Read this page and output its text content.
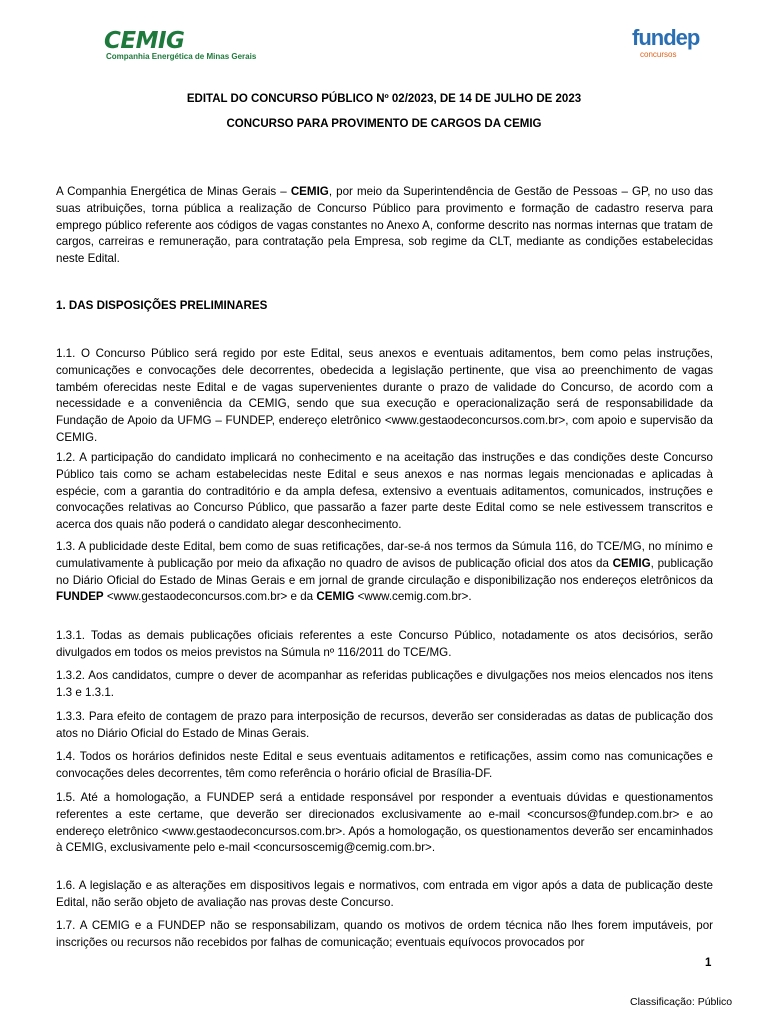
CEMIG
Companhia Energética de Minas Gerais
fundep
concursos
EDITAL DO CONCURSO PÚBLICO Nº 02/2023, DE 14 DE JULHO DE 2023
CONCURSO PARA PROVIMENTO DE CARGOS DA CEMIG

A Companhia Energética de Minas Gerais – CEMIG, por meio da Superintendência de Gestão de Pessoas – GP, no uso das suas atribuições, torna pública a realização de Concurso Público para provimento e formação de cadastro reserva para emprego público referente aos códigos de vagas constantes no Anexo A, conforme descrito nas normas internas que tratam de cargos, carreiras e remuneração, para contratação pela Empresa, sob regime da CLT, mediante as condições estabelecidas neste Edital.

1. DAS DISPOSIÇÕES PRELIMINARES

1.1. O Concurso Público será regido por este Edital, seus anexos e eventuais aditamentos, bem como pelas instruções, comunicações e convocações dele decorrentes, obedecida a legislação pertinente, que visa ao preenchimento de vagas também oferecidas neste Edital e de vagas supervenientes durante o prazo de validade do Concurso, de acordo com a necessidade e a conveniência da CEMIG, sendo que sua execução e operacionalização será de responsabilidade da Fundação de Apoio da UFMG – FUNDEP, endereço eletrônico <www.gestaodeconcursos.com.br>, com apoio e supervisão da CEMIG.

1.2. A participação do candidato implicará no conhecimento e na aceitação das instruções e das condições deste Concurso Público tais como se acham estabelecidas neste Edital e seus anexos e nas normas legais mencionadas e aplicadas à espécie, com a garantia do contraditório e da ampla defesa, extensivo a eventuais aditamentos, comunicados, instruções e convocações relativas ao Concurso Público, que passarão a fazer parte deste Edital como se nele estivessem transcritos e acerca dos quais não poderá o candidato alegar desconhecimento.

1.3. A publicidade deste Edital, bem como de suas retificações, dar-se-á nos termos da Súmula 116, do TCE/MG, no mínimo e cumulativamente à publicação por meio da afixação no quadro de avisos de publicação oficial dos atos da CEMIG, publicação no Diário Oficial do Estado de Minas Gerais e em jornal de grande circulação e disponibilização nos endereços eletrônicos da FUNDEP <www.gestaodeconcursos.com.br> e da CEMIG <www.cemig.com.br>.

1.3.1. Todas as demais publicações oficiais referentes a este Concurso Público, notadamente os atos decisórios, serão divulgados em todos os meios previstos na Súmula nº 116/2011 do TCE/MG.

1.3.2. Aos candidatos, cumpre o dever de acompanhar as referidas publicações e divulgações nos meios elencados nos itens 1.3 e 1.3.1.

1.3.3. Para efeito de contagem de prazo para interposição de recursos, deverão ser consideradas as datas de publicação dos atos no Diário Oficial do Estado de Minas Gerais.

1.4. Todos os horários definidos neste Edital e seus eventuais aditamentos e retificações, assim como nas comunicações e convocações deles decorrentes, têm como referência o horário oficial de Brasília-DF.

1.5. Até a homologação, a FUNDEP será a entidade responsável por responder a eventuais dúvidas e questionamentos referentes a este certame, que deverão ser direcionados exclusivamente ao e-mail <concursos@fundep.com.br> e ao endereço eletrônico <www.gestaodeconcursos.com.br>. Após a homologação, os questionamentos deverão ser encaminhados à CEMIG, exclusivamente pelo e-mail <concursoscemig@cemig.com.br>.

1.6. A legislação e as alterações em dispositivos legais e normativos, com entrada em vigor após a data de publicação deste Edital, não serão objeto de avaliação nas provas deste Concurso.

1.7. A CEMIG e a FUNDEP não se responsabilizam, quando os motivos de ordem técnica não lhes forem imputáveis, por inscrições ou recursos não recebidos por falhas de comunicação; eventuais equívocos provocados por

1
Classificação: Público
